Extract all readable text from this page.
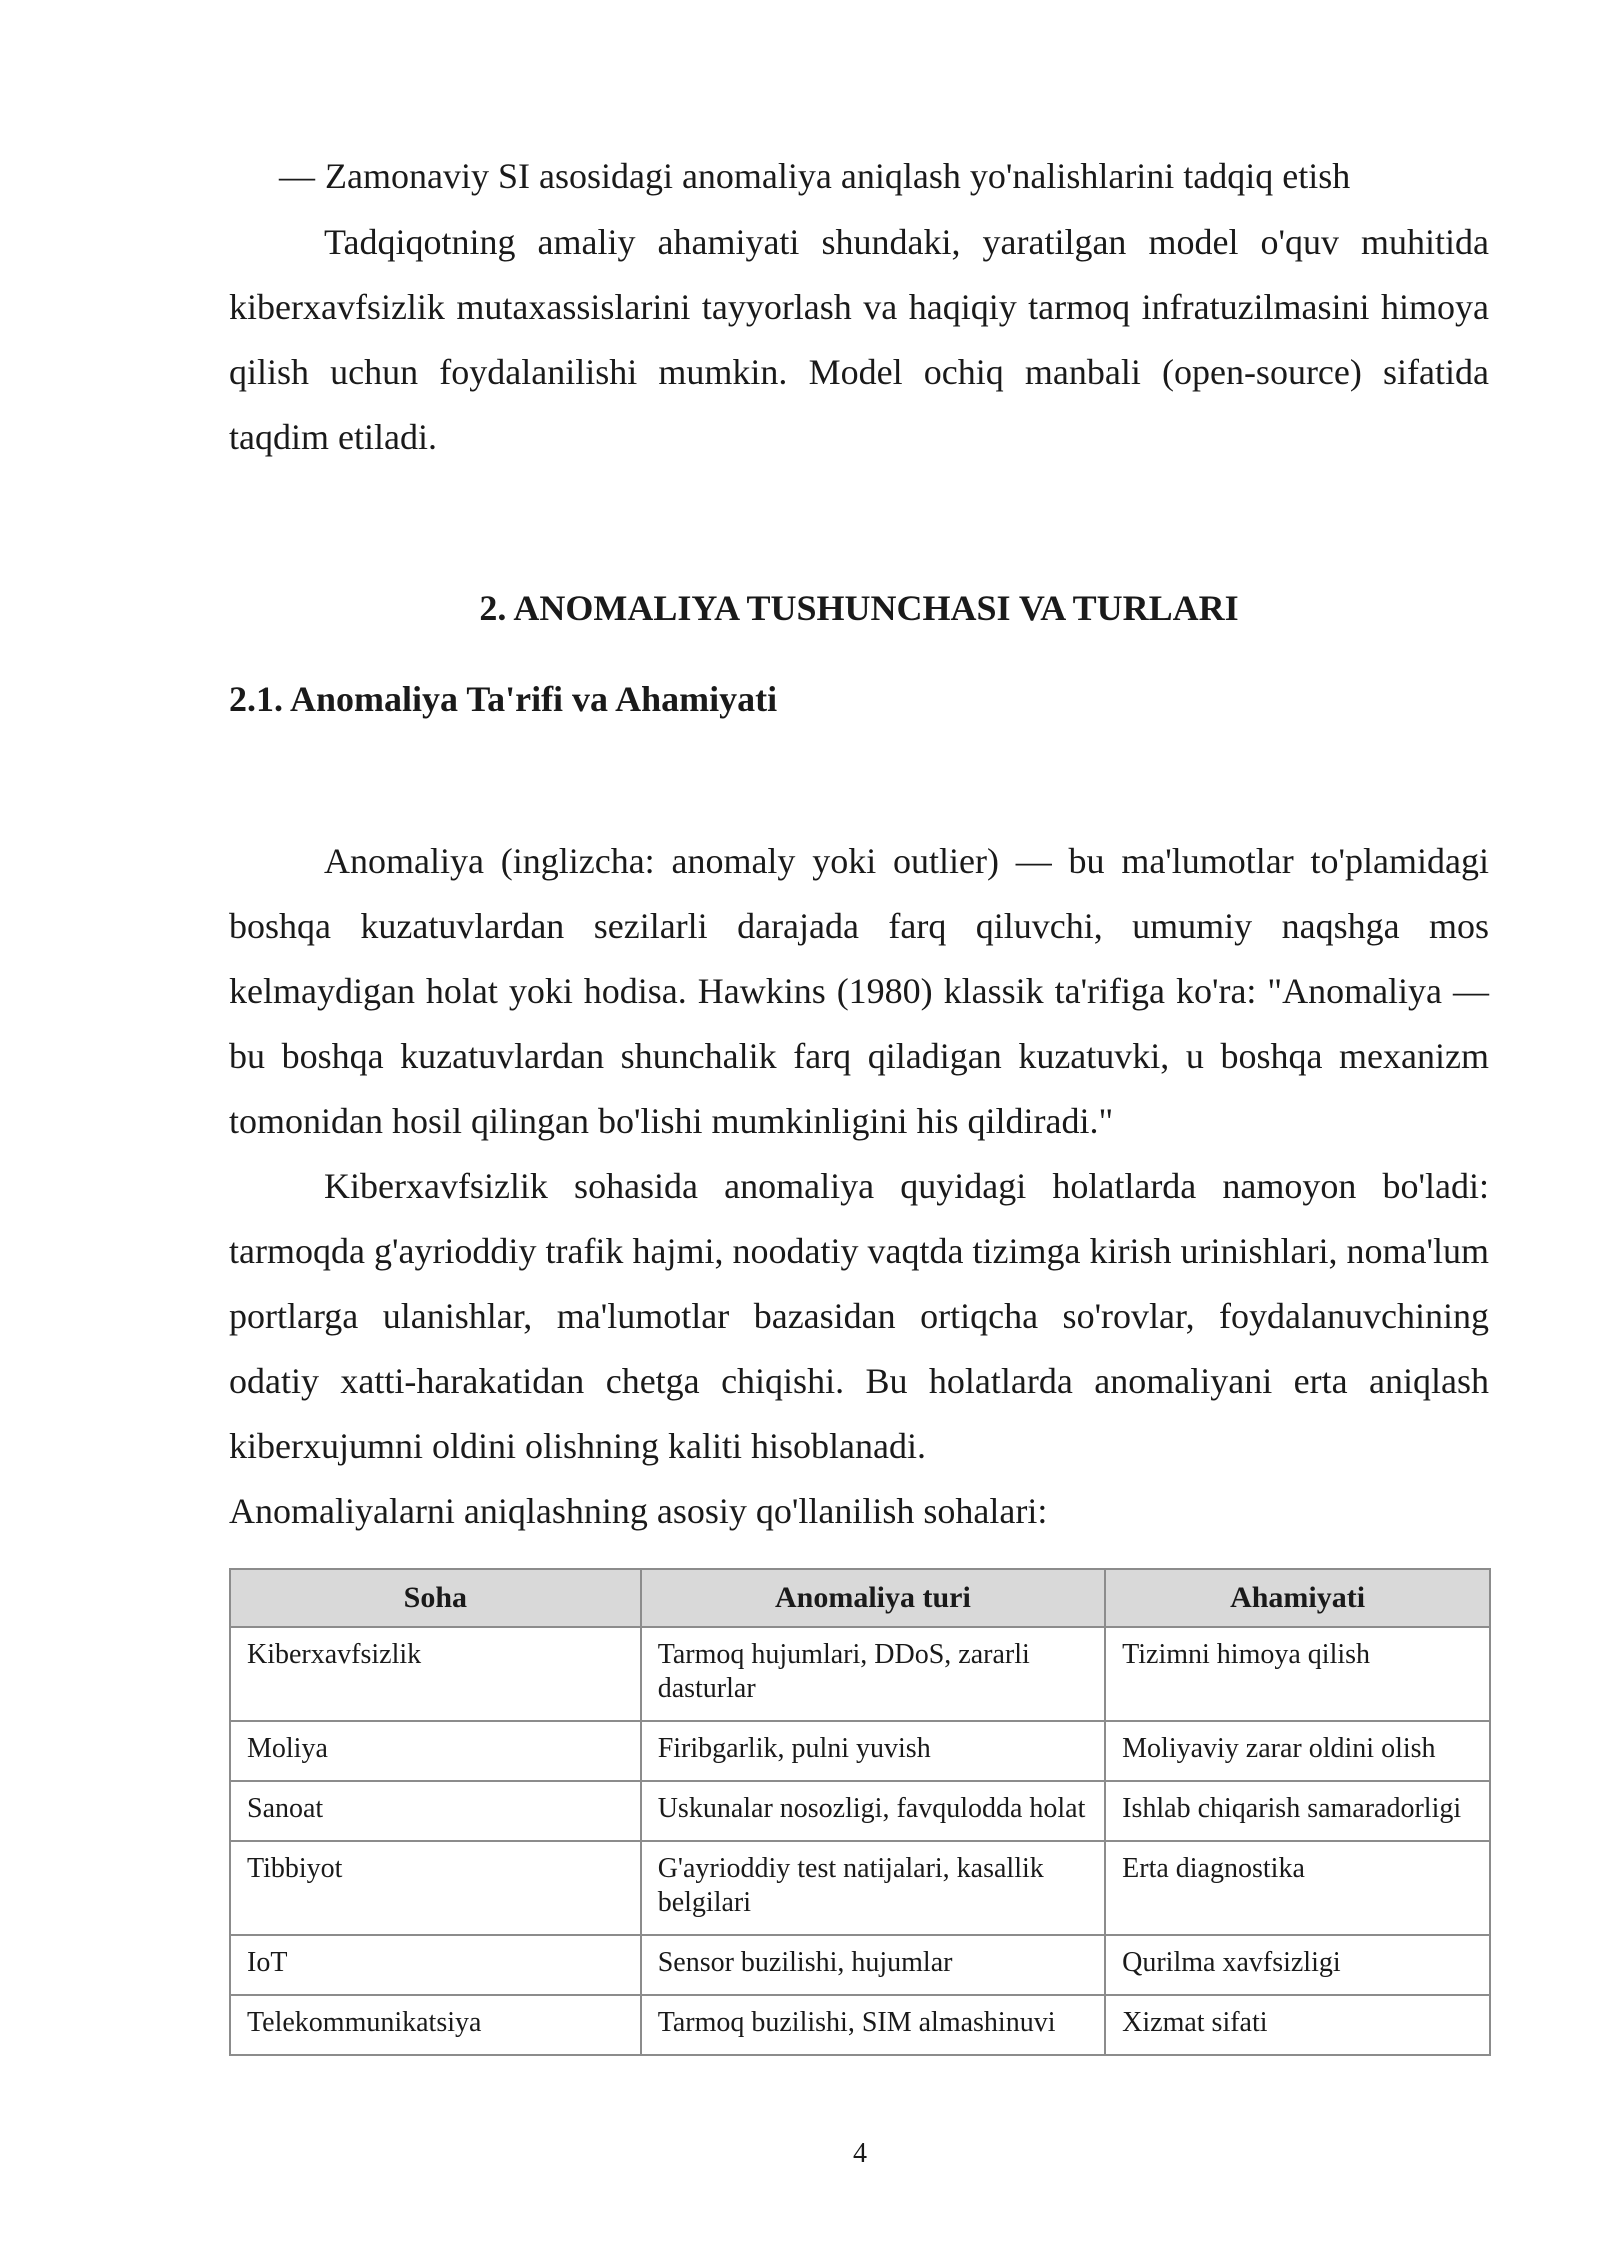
— Zamonaviy SI asosidagi anomaliya aniqlash yo'nalishlarini tadqiq etish

Tadqiqotning amaliy ahamiyati shundaki, yaratilgan model o'quv muhitida kiberxavfsizlik mutaxassislarini tayyorlash va haqiqiy tarmoq infratuzilmasini himoya qilish uchun foydalanilishi mumkin. Model ochiq manbali (open-source) sifatida taqdim etiladi.

2. ANOMALIYA TUSHUNCHASI VA TURLARI
2.1. Anomaliya Ta'rifi va Ahamiyati

Anomaliya (inglizcha: anomaly yoki outlier) — bu ma'lumotlar to'plamidagi boshqa kuzatuvlardan sezilarli darajada farq qiluvchi, umumiy naqshga mos kelmaydigan holat yoki hodisa. Hawkins (1980) klassik ta'rifiga ko'ra: "Anomaliya — bu boshqa kuzatuvlardan shunchalik farq qiladigan kuzatuvki, u boshqa mexanizm tomonidan hosil qilingan bo'lishi mumkinligini his qildiradi."

Kiberxavfsizlik sohasida anomaliya quyidagi holatlarda namoyon bo'ladi: tarmoqda g'ayrioddiy trafik hajmi, noodatiy vaqtda tizimga kirish urinishlari, noma'lum portlarga ulanishlar, ma'lumotlar bazasidan ortiqcha so'rovlar, foydalanuvchining odatiy xatti-harakatidan chetga chiqishi. Bu holatlarda anomaliyani erta aniqlash kiberxujumni oldini olishning kaliti hisoblanadi.

Anomaliyalarni aniqlashning asosiy qo'llanilish sohalari:

Soha	Anomaliya turi	Ahamiyati
Kiberxavfsizlik	Tarmoq hujumlari, DDoS, zararli dasturlar	Tizimni himoya qilish
Moliya	Firibgarlik, pulni yuvish	Moliyaviy zarar oldini olish
Sanoat	Uskunalar nosozligi, favqulodda holat	Ishlab chiqarish samaradorligi
Tibbiyot	G'ayrioddiy test natijalari, kasallik belgilari	Erta diagnostika
IoT	Sensor buzilishi, hujumlar	Qurilma xavfsizligi
Telekommunikatsiya	Tarmoq buzilishi, SIM almashinuvi	Xizmat sifati
4
